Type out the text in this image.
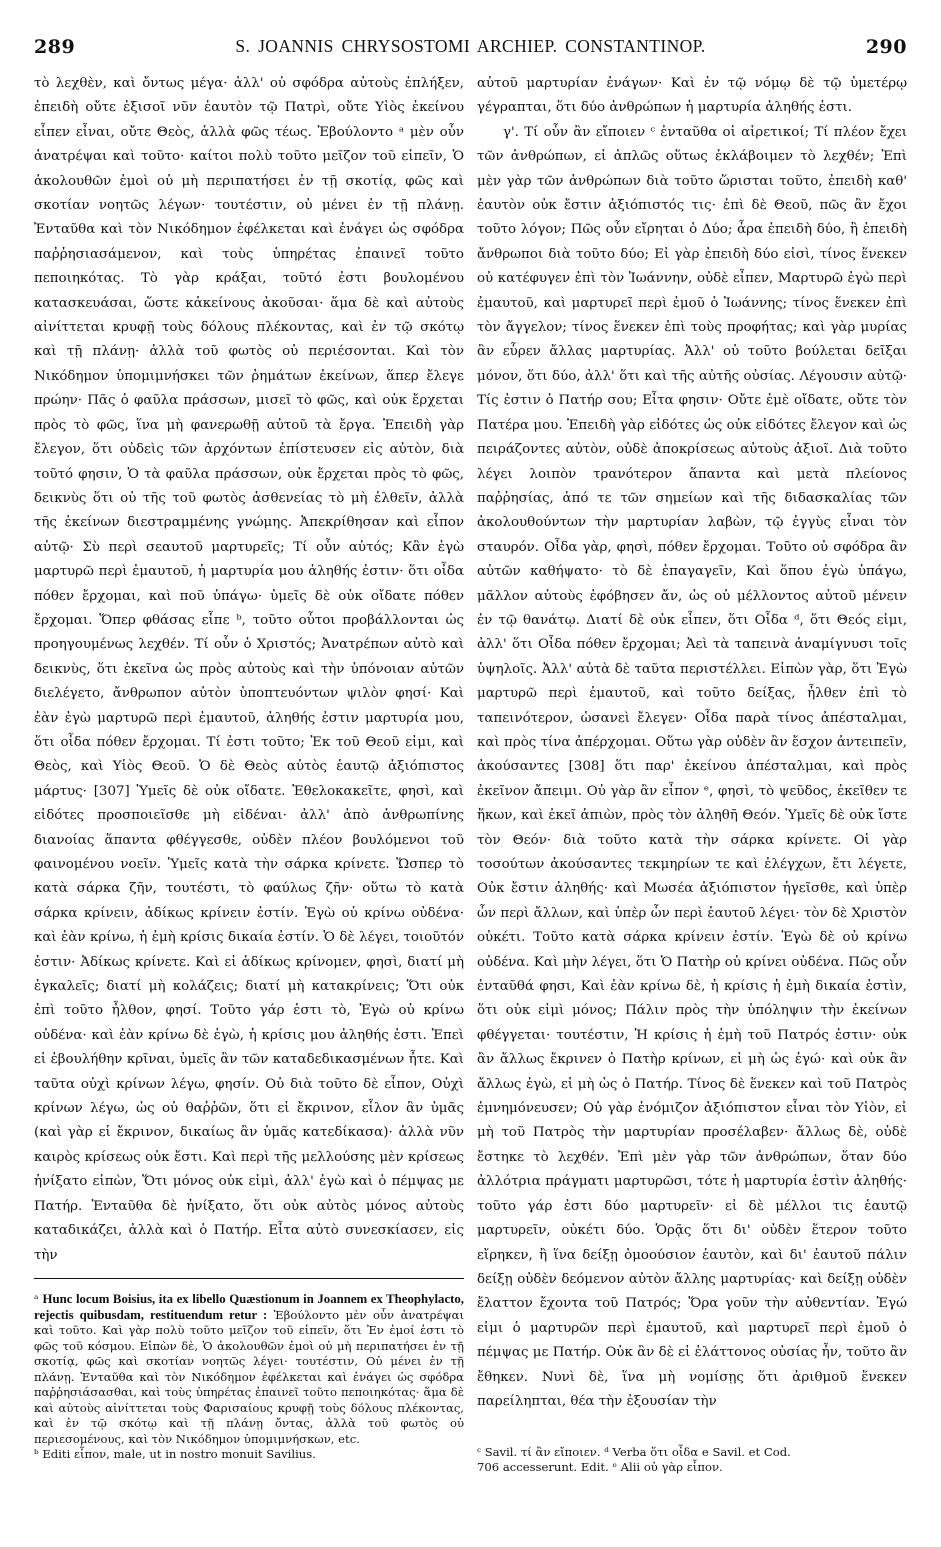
289	S. JOANNIS CHRYSOSTOMI ARCHIEP. CONSTANTINOP.	290

τὸ λεχθὲν, καὶ ὄντως μέγα· ἀλλ' οὐ σφόδρα αὐτοὺς ἐπλήξεν, ἐπειδὴ οὔτε ἐξισοῖ νῦν ἑαυτὸν τῷ Πατρὶ, οὔτε Υἱὸς ἐκείνου εἶπεν εἶναι, οὔτε Θεὸς, ἀλλὰ φῶς τέως. Ἐβούλοντο ᵃ μὲν οὖν ἀνατρέψαι καὶ τοῦτο· καίτοι πολὺ τοῦτο μεῖζον τοῦ εἰπεῖν, Ὁ ἀκολουθῶν ἐμοὶ οὐ μὴ περιπατήσει ἐν τῇ σκοτίᾳ, φῶς καὶ σκοτίαν νοητῶς λέγων· τουτέστιν, οὐ μένει ἐν τῇ πλάνῃ. Ἐνταῦθα καὶ τὸν Νικόδημον ἐφέλκεται καὶ ἐνάγει ὡς σφόδρα παῤῥησιασάμενον, καὶ τοὺς ὑπηρέτας ἐπαινεῖ τοῦτο πεποιηκότας. Τὸ γὰρ κράξαι, τοῦτό ἐστι βουλομένου κατασκευάσαι, ὥστε κἀκείνους ἀκοῦσαι· ἅμα δὲ καὶ αὐτοὺς αἰνίττεται κρυφῇ τοὺς δόλους πλέκοντας, καὶ ἐν τῷ σκότῳ καὶ τῇ πλάνῃ· ἀλλὰ τοῦ φωτὸς οὐ περιέσονται. Καὶ τὸν Νικόδημον ὑπομιμνήσκει τῶν ῥημάτων ἐκείνων, ἅπερ ἔλεγε πρώην· Πᾶς ὁ φαῦλα πράσσων, μισεῖ τὸ φῶς, καὶ οὐκ ἔρχεται πρὸς τὸ φῶς, ἵνα μὴ φανερωθῇ αὐτοῦ τὰ ἔργα. Ἐπειδὴ γὰρ ἔλεγον, ὅτι οὐδεὶς τῶν ἀρχόντων ἐπίστευσεν εἰς αὐτὸν, διὰ τοῦτό φησιν, Ὁ τὰ φαῦλα πράσσων, οὐκ ἔρχεται πρὸς τὸ φῶς, δεικνὺς ὅτι οὐ τῆς τοῦ φωτὸς ἀσθενείας τὸ μὴ ἐλθεῖν, ἀλλὰ τῆς ἐκείνων διεστραμμένης γνώμης. Ἀπεκρίθησαν καὶ εἶπον αὐτῷ· Σὺ περὶ σεαυτοῦ μαρτυρεῖς; Τί οὖν αὐτός; Κἂν ἐγὼ μαρτυρῶ περὶ ἐμαυτοῦ, ἡ μαρτυρία μου ἀληθής ἐστιν· ὅτι οἶδα πόθεν ἔρχομαι, καὶ ποῦ ὑπάγω· ὑμεῖς δὲ οὐκ οἴδατε πόθεν ἔρχομαι. Ὅπερ φθάσας εἶπε ᵇ, τοῦτο οὗτοι προβάλλονται ὡς προηγουμένως λεχθέν. Τί οὖν ὁ Χριστός; Ἀνατρέπων αὐτὸ καὶ δεικνὺς, ὅτι ἐκεῖνα ὡς πρὸς αὐτοὺς καὶ τὴν ὑπόνοιαν αὐτῶν διελέγετο, ἄνθρωπον αὐτὸν ὑποπτευόντων ψιλὸν φησί· Καὶ ἐὰν ἐγὼ μαρτυρῶ περὶ ἐμαυτοῦ, ἀληθής ἐστιν μαρτυρία μου, ὅτι οἶδα πόθεν ἔρχομαι. Τί ἐστι τοῦτο; Ἐκ τοῦ Θεοῦ εἰμι, καὶ Θεὸς, καὶ Υἱὸς Θεοῦ. Ὁ δὲ Θεὸς αὐτὸς ἑαυτῷ ἀξιόπιστος μάρτυς· [307] Ὑμεῖς δὲ οὐκ οἴδατε. Ἐθελοκακεῖτε, φησὶ, καὶ εἰδότες προσποιεῖσθε μὴ εἰδέναι· ἀλλ' ἀπὸ ἀνθρωπίνης διανοίας ἅπαντα φθέγγεσθε, οὐδὲν πλέον βουλόμενοι τοῦ φαινομένου νοεῖν. Ὑμεῖς κατὰ τὴν σάρκα κρίνετε. Ὥσπερ τὸ κατὰ σάρκα ζῆν, τουτέστι, τὸ φαύλως ζῆν· οὕτω τὸ κατὰ σάρκα κρίνειν, ἀδίκως κρίνειν ἐστίν. Ἐγὼ οὐ κρίνω οὐδένα· καὶ ἐὰν κρίνω, ἡ ἐμὴ κρίσις δικαία ἐστίν. Ὁ δὲ λέγει, τοιοῦτόν ἐστιν· Ἀδίκως κρίνετε. Καὶ εἰ ἀδίκως κρίνομεν, φησὶ, διατί μὴ ἐγκαλεῖς; διατί μὴ κολάζεις; διατί μὴ κατακρίνεις; Ὅτι οὐκ ἐπὶ τοῦτο ἦλθον, φησί. Τοῦτο γάρ ἐστι τὸ, Ἐγὼ οὐ κρίνω οὐδένα· καὶ ἐὰν κρίνω δὲ ἐγὼ, ἡ κρίσις μου ἀληθής ἐστι. Ἐπεὶ εἰ ἐβουλήθην κρῖναι, ὑμεῖς ἂν τῶν καταδεδικασμένων ἦτε. Καὶ ταῦτα οὐχὶ κρίνων λέγω, φησίν. Οὐ διὰ τοῦτο δὲ εἶπον, Οὐχὶ κρίνων λέγω, ὡς οὐ θαῤῥῶν, ὅτι εἰ ἔκρινον, εἷλον ἂν ὑμᾶς (καὶ γὰρ εἰ ἔκρινον, δικαίως ἂν ὑμᾶς κατεδίκασα)· ἀλλὰ νῦν καιρὸς κρίσεως οὐκ ἔστι. Καὶ περὶ τῆς μελλούσης μὲν κρίσεως ἠνίξατο εἰπὼν, Ὅτι μόνος οὐκ εἰμὶ, ἀλλ' ἐγὼ καὶ ὁ πέμψας με Πατήρ. Ἐνταῦθα δὲ ἠνίξατο, ὅτι οὐκ αὐτὸς μόνος αὐτοὺς καταδικάζει, ἀλλὰ καὶ ὁ Πατήρ. Εἶτα αὐτὸ συνεσκίασεν, εἰς τὴν

ᵃ Hunc locum Boisius, ita ex libello Quæstionum in Joannem ex Theophylacto, rejectis quibusdam, restituendum retur : Ἐβούλοντο μὲν οὖν ἀνατρέψαι καὶ τοῦτο. Καὶ γὰρ πολὺ τοῦτο μεῖζον τοῦ εἰπεῖν, ὅτι Ἐν ἐμοί ἐστι τὸ φῶς τοῦ κόσμου. Εἰπὼν δὲ, Ὁ ἀκολουθῶν ἐμοὶ οὐ μὴ περιπατήσει ἐν τῇ σκοτίᾳ, φῶς καὶ σκοτίαν νοητῶς λέγει· τουτέστιν, Οὐ μένει ἐν τῇ πλάνῃ. Ἐνταῦθα καὶ τὸν Νικόδημον ἐφέλκεται καὶ ἐνάγει ὡς σφόδρα παῤῥησιάσασθαι, καὶ τοὺς ὑπηρέτας ἐπαινεῖ τοῦτο πεποιηκότας· ἅμα δὲ καὶ αὐτοὺς αἰνίττεται τοὺς Φαρισαίους κρυφῇ τοὺς δόλους πλέκοντας, καὶ ἐν τῷ σκότῳ καὶ τῇ πλάνῃ ὄντας, ἀλλὰ τοῦ φωτὸς οὐ περιεσομένους, καὶ τὸν Νικόδημον ὑπομιμνήσκων, etc.

ᵇ Editi εἶπον, male, ut in nostro monuit Savilius.

αὐτοῦ μαρτυρίαν ἐνάγων· Καὶ ἐν τῷ νόμῳ δὲ τῷ ὑμετέρῳ γέγραπται, ὅτι δύο ἀνθρώπων ἡ μαρτυρία ἀληθής ἐστι.

γ'. Τί οὖν ἂν εἴποιεν ᶜ ἐνταῦθα οἱ αἱρετικοί; Τί πλέον ἔχει τῶν ἀνθρώπων, εἰ ἁπλῶς οὕτως ἐκλάβοιμεν τὸ λεχθέν; Ἐπὶ μὲν γὰρ τῶν ἀνθρώπων διὰ τοῦτο ὥρισται τοῦτο, ἐπειδὴ καθ' ἑαυτὸν οὐκ ἔστιν ἀξιόπιστός τις· ἐπὶ δὲ Θεοῦ, πῶς ἂν ἔχοι τοῦτο λόγον; Πῶς οὖν εἴρηται ὁ Δύο; ἆρα ἐπειδὴ δύο, ἢ ἐπειδὴ ἄνθρωποι διὰ τοῦτο δύο; Εἰ γὰρ ἐπειδὴ δύο εἰσὶ, τίνος ἕνεκεν οὐ κατέφυγεν ἐπὶ τὸν Ἰωάννην, οὐδὲ εἶπεν, Μαρτυρῶ ἐγὼ περὶ ἐμαυτοῦ, καὶ μαρτυρεῖ περὶ ἐμοῦ ὁ Ἰωάννης; τίνος ἕνεκεν ἐπὶ τὸν ἄγγελον; τίνος ἕνεκεν ἐπὶ τοὺς προφήτας; καὶ γὰρ μυρίας ἂν εὗρεν ἄλλας μαρτυρίας. Ἀλλ' οὐ τοῦτο βούλεται δεῖξαι μόνον, ὅτι δύο, ἀλλ' ὅτι καὶ τῆς αὐτῆς οὐσίας. Λέγουσιν αὐτῷ· Τίς ἐστιν ὁ Πατήρ σου; Εἶτα φησιν· Οὔτε ἐμὲ οἴδατε, οὔτε τὸν Πατέρα μου. Ἐπειδὴ γὰρ εἰδότες ὡς οὐκ εἰδότες ἔλεγον καὶ ὡς πειράζοντες αὐτὸν, οὐδὲ ἀποκρίσεως αὐτοὺς ἀξιοῖ. Διὰ τοῦτο λέγει λοιπὸν τρανότερον ἅπαντα καὶ μετὰ πλείονος παῤῥησίας, ἀπό τε τῶν σημείων καὶ τῆς διδασκαλίας τῶν ἀκολουθούντων τὴν μαρτυρίαν λαβὼν, τῷ ἐγγὺς εἶναι τὸν σταυρόν. Οἶδα γὰρ, φησὶ, πόθεν ἔρχομαι. Τοῦτο οὐ σφόδρα ἂν αὐτῶν καθήψατο· τὸ δὲ ἐπαγαγεῖν, Καὶ ὅπου ἐγὼ ὑπάγω, μᾶλλον αὐτοὺς ἐφόβησεν ἄν, ὡς οὐ μέλλοντος αὐτοῦ μένειν ἐν τῷ θανάτῳ. Διατί δὲ οὐκ εἶπεν, ὅτι Οἶδα ᵈ, ὅτι Θεός εἰμι, ἀλλ' ὅτι Οἶδα πόθεν ἔρχομαι; Ἀεὶ τὰ ταπεινὰ ἀναμίγνυσι τοῖς ὑψηλοῖς. Ἀλλ' αὐτὰ δὲ ταῦτα περιστέλλει. Εἰπὼν γὰρ, ὅτι Ἐγὼ μαρτυρῶ περὶ ἐμαυτοῦ, καὶ τοῦτο δείξας, ἦλθεν ἐπὶ τὸ ταπεινότερον, ὡσανεὶ ἔλεγεν· Οἶδα παρὰ τίνος ἀπέσταλμαι, καὶ πρὸς τίνα ἀπέρχομαι. Οὕτω γὰρ οὐδὲν ἂν ἔσχον ἀντειπεῖν, ἀκούσαντες [308] ὅτι παρ' ἐκείνου ἀπέσταλμαι, καὶ πρὸς ἐκεῖνον ἄπειμι. Οὐ γὰρ ἂν εἶπον ᵉ, φησὶ, τὸ ψεῦδος, ἐκεῖθεν τε ἥκων, καὶ ἐκεῖ ἀπιὼν, πρὸς τὸν ἀληθῆ Θεόν. Ὑμεῖς δὲ οὐκ ἴστε τὸν Θεόν· διὰ τοῦτο κατὰ τὴν σάρκα κρίνετε. Οἱ γὰρ τοσούτων ἀκούσαντες τεκμηρίων τε καὶ ἐλέγχων, ἔτι λέγετε, Οὐκ ἔστιν ἀληθής· καὶ Μωσέα ἀξιόπιστον ἡγεῖσθε, καὶ ὑπὲρ ὧν περὶ ἄλλων, καὶ ὑπὲρ ὧν περὶ ἑαυτοῦ λέγει· τὸν δὲ Χριστὸν οὐκέτι. Τοῦτο κατὰ σάρκα κρίνειν ἐστίν. Ἐγὼ δὲ οὐ κρίνω οὐδένα. Καὶ μὴν λέγει, ὅτι Ὁ Πατὴρ οὐ κρίνει οὐδένα. Πῶς οὖν ἐνταῦθά φησι, Καὶ ἐὰν κρίνω δὲ, ἡ κρίσις ἡ ἐμὴ δικαία ἐστὶν, ὅτι οὐκ εἰμὶ μόνος; Πάλιν πρὸς τὴν ὑπόληψιν τὴν ἐκείνων φθέγγεται· τουτέστιν, Ἡ κρίσις ἡ ἐμὴ τοῦ Πατρός ἐστιν· οὐκ ἂν ἄλλως ἔκρινεν ὁ Πατὴρ κρίνων, εἰ μὴ ὡς ἐγώ· καὶ οὐκ ἂν ἄλλως ἐγὼ, εἰ μὴ ὡς ὁ Πατήρ. Τίνος δὲ ἕνεκεν καὶ τοῦ Πατρὸς ἐμνημόνευσεν; Οὐ γὰρ ἐνόμιζον ἀξιόπιστον εἶναι τὸν Υἱὸν, εἰ μὴ τοῦ Πατρὸς τὴν μαρτυρίαν προσέλαβεν· ἄλλως δὲ, οὐδὲ ἔστηκε τὸ λεχθέν. Ἐπὶ μὲν γὰρ τῶν ἀνθρώπων, ὅταν δύο ἀλλότρια πράγματι μαρτυρῶσι, τότε ἡ μαρτυρία ἐστὶν ἀληθής· τοῦτο γάρ ἐστι δύο μαρτυρεῖν· εἰ δὲ μέλλοι τις ἑαυτῷ μαρτυρεῖν, οὐκέτι δύο. Ὁρᾷς ὅτι δι' οὐδὲν ἕτερον τοῦτο εἴρηκεν, ἢ ἵνα δείξῃ ὁμοούσιον ἑαυτὸν, καὶ δι' ἑαυτοῦ πάλιν δείξῃ οὐδὲν δεόμενον αὐτὸν ἄλλης μαρτυρίας· καὶ δείξῃ οὐδὲν ἔλαττον ἔχοντα τοῦ Πατρός; Ὅρα γοῦν τὴν αὐθεντίαν. Ἐγώ εἰμι ὁ μαρτυρῶν περὶ ἐμαυτοῦ, καὶ μαρτυρεῖ περὶ ἐμοῦ ὁ πέμψας με Πατήρ. Οὐκ ἂν δὲ εἰ ἐλάττονος οὐσίας ἦν, τοῦτο ἂν ἔθηκεν. Νυνὶ δὲ, ἵνα μὴ νομίσῃς ὅτι ἀριθμοῦ ἕνεκεν παρείληπται, θέα τὴν ἐξουσίαν τὴν

ᶜ Savil. τί ἂν εἴποιεν. ᵈ Verba ὅτι οἶδα e Savil. et Cod.
706 accesserunt. Edit. ᵉ Alii οὐ γὰρ εἶπον.
